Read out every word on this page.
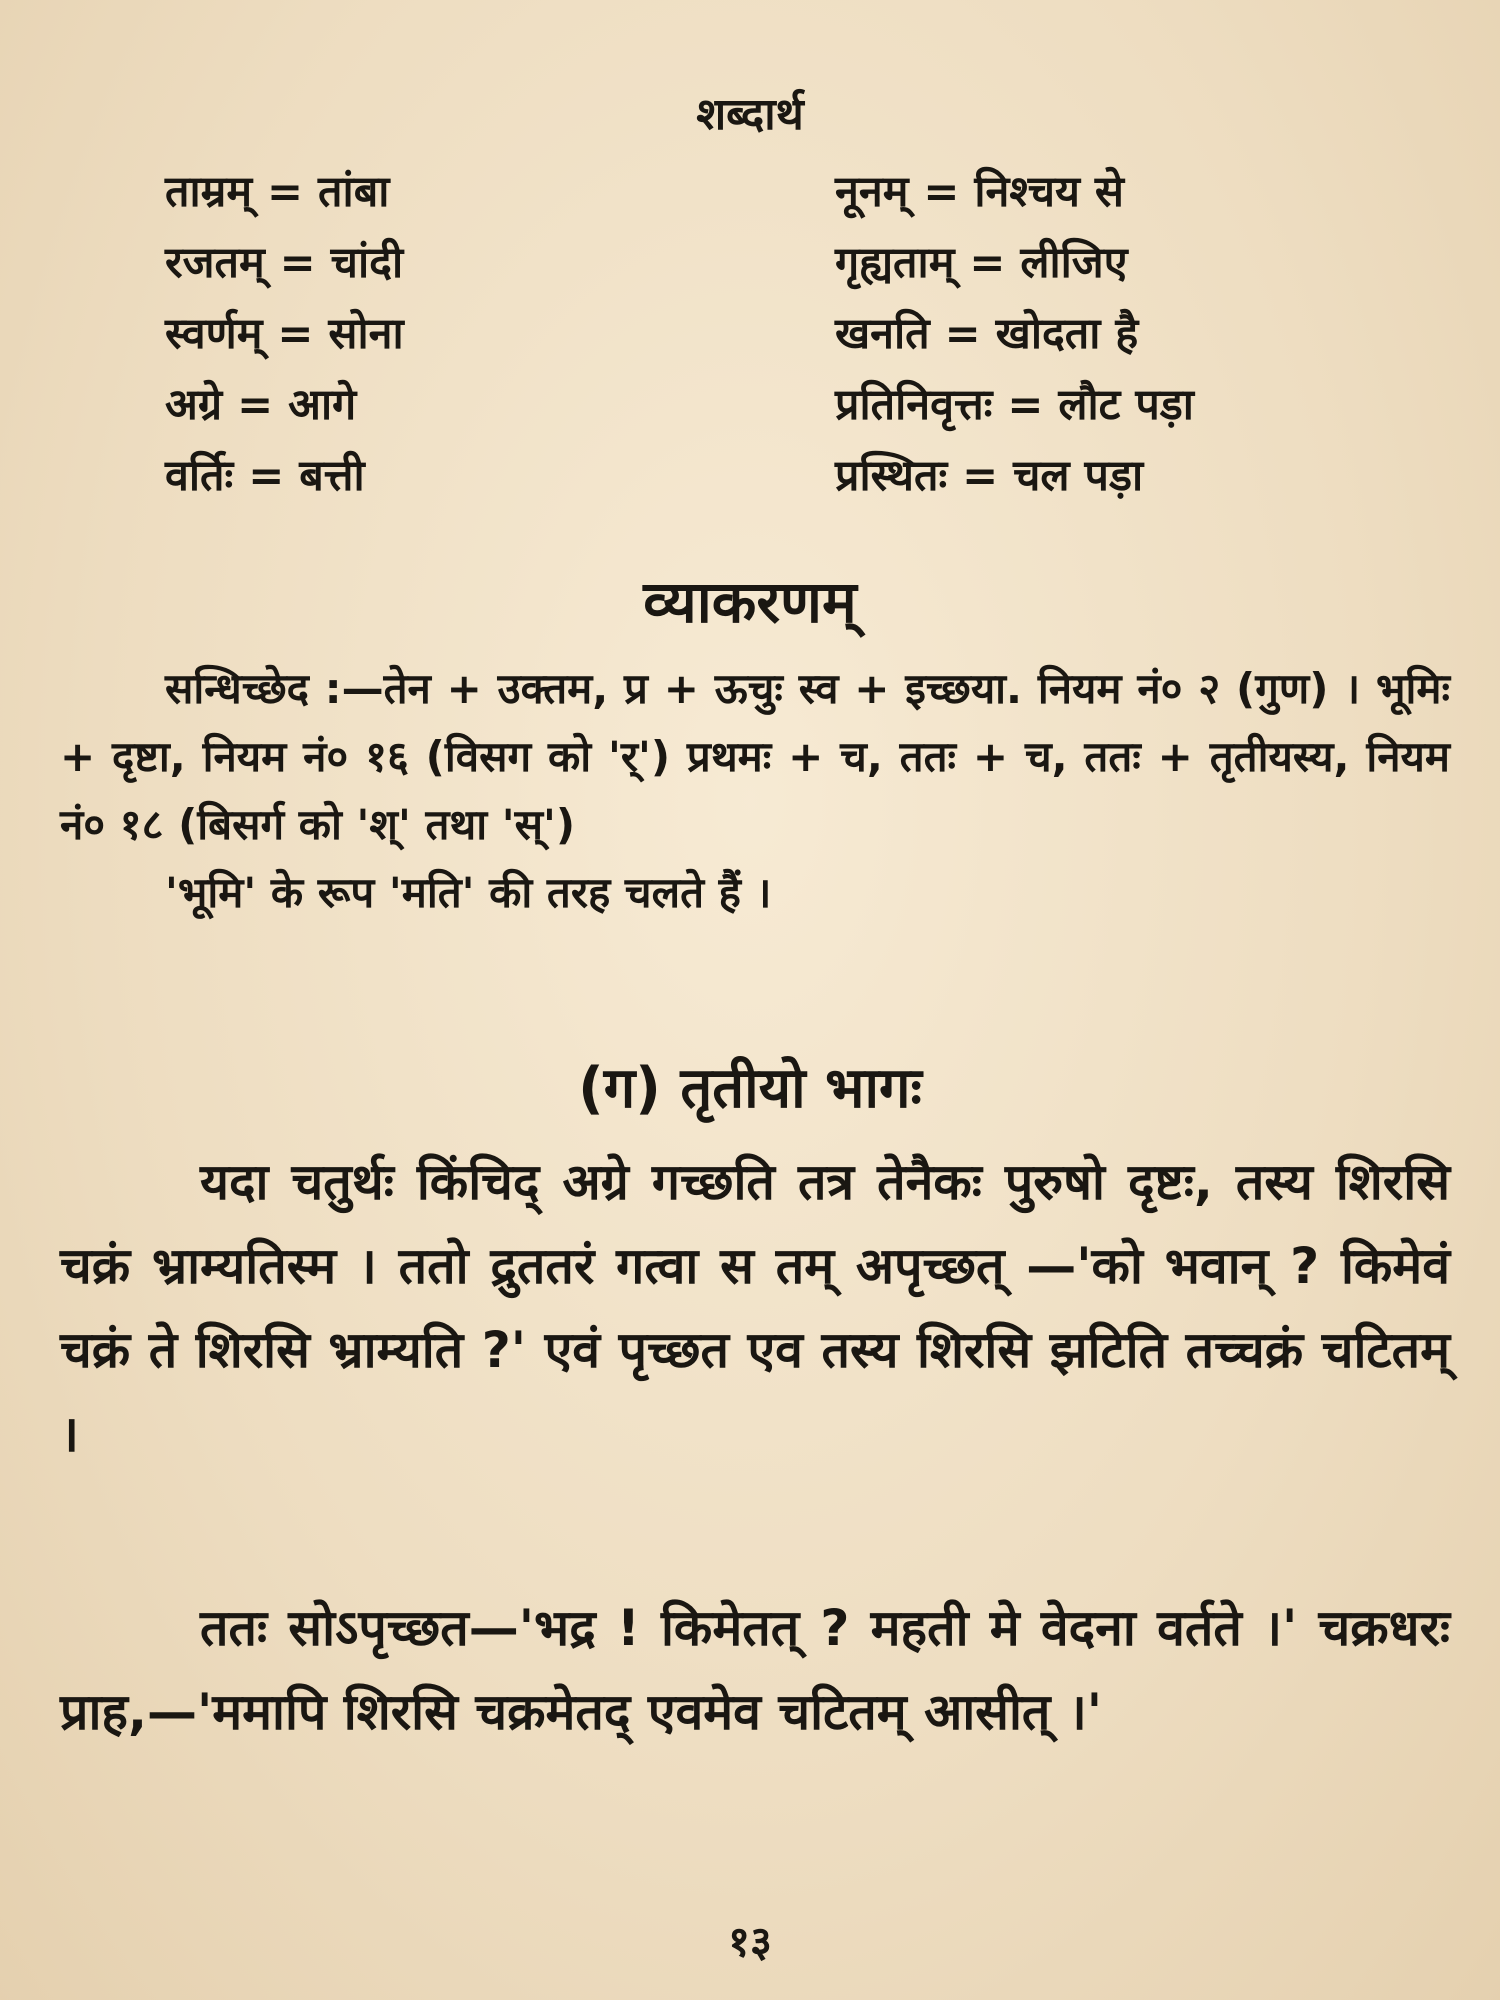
शब्दार्थ
ताम्रम् = तांबा	नूनम् = निश्चय से
रजतम् = चांदी	गृह्यताम् = लीजिए
स्वर्णम् = सोना	खनति = खोदता है
अग्रे = आगे	प्रतिनिवृत्तः = लौट पड़ा
वर्तिः = बत्ती	प्रस्थितः = चल पड़ा
व्याकरणम्

सन्धिच्छेद :—तेन + उक्तम, प्र + ऊचुः स्व + इच्छया. नियम नं० २ (गुण) । भूमिः + दृष्टा, नियम नं० १६ (विसग को 'र्') प्रथमः + च, ततः + च, ततः + तृतीयस्य, नियम नं० १८ (बिसर्ग को 'श्' तथा 'स्')

'भूमि' के रूप 'मति' की तरह चलते हैं ।

(ग) तृतीयो भागः

यदा चतुर्थः किंचिद् अग्रे गच्छति तत्र तेनैकः पुरुषो दृष्टः, तस्य शिरसि चक्रं भ्राम्यतिस्म । ततो द्रुततरं गत्वा स तम् अपृच्छत् —'को भवान् ? किमेवं चक्रं ते शिरसि भ्राम्यति ?' एवं पृच्छत एव तस्य शिरसि झटिति तच्चक्रं चटितम् ।

ततः सोऽपृच्छत—'भद्र ! किमेतत् ? महती मे वेदना वर्तते ।' चक्रधरः प्राह,—'ममापि शिरसि चक्रमेतद् एवमेव चटितम् आसीत् ।'

१३
